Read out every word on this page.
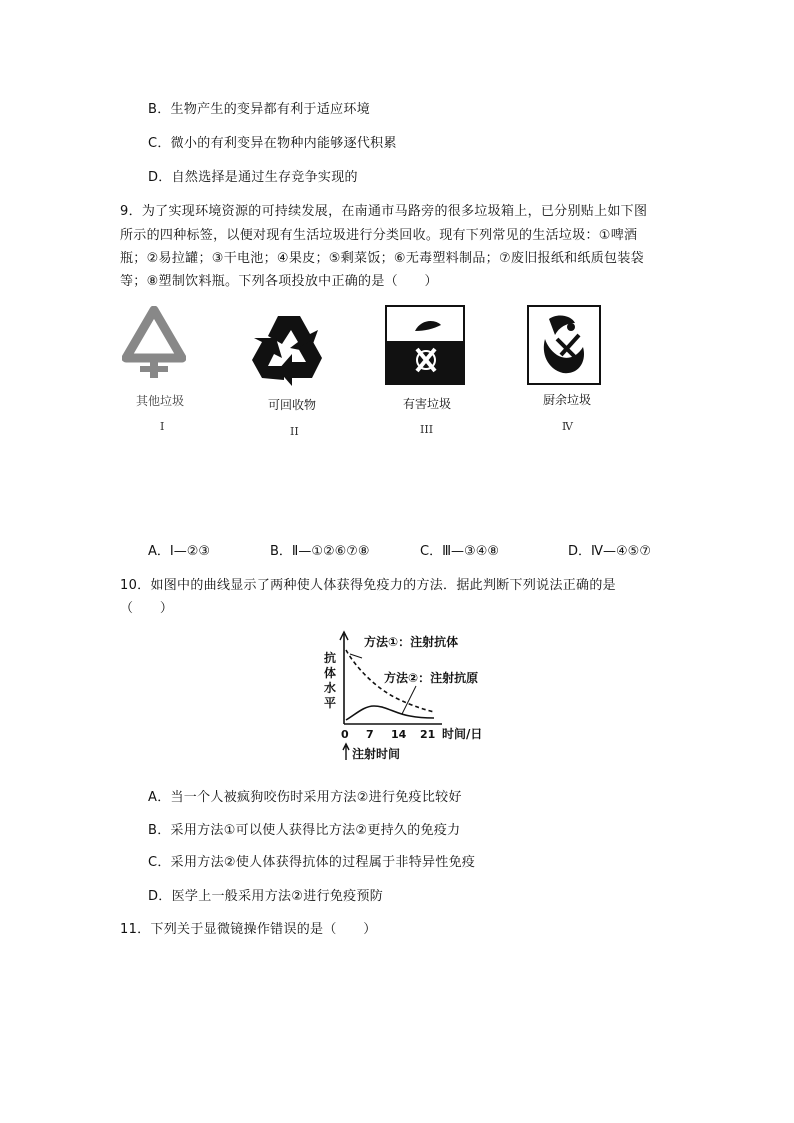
B．生物产生的变异都有利于适应环境
C．微小的有利变异在物种内能够逐代积累
D．自然选择是通过生存竞争实现的
9．为了实现环境资源的可持续发展，在南通市马路旁的很多垃圾箱上，已分别贴上如下图
所示的四种标签，以便对现有生活垃圾进行分类回收。现有下列常见的生活垃圾：①啤酒
瓶；②易拉罐；③干电池；④果皮；⑤剩菜饭；⑥无毒塑料制品；⑦废旧报纸和纸质包装袋
等；⑧塑制饮料瓶。下列各项投放中正确的是（　　）
其他垃圾
I
可回收物
II
有害垃圾
III
厨余垃圾
Ⅳ
A．Ⅰ—②③	B．Ⅱ—①②⑥⑦⑧	C．Ⅲ—③④⑧	D．Ⅳ—④⑤⑦
10．如图中的曲线显示了两种使人体获得免疫力的方法．据此判断下列说法正确的是
（　　）
方法①：注射抗体
方法②：注射抗原
抗
体
水
平
0 7 14 21 时间/日
注射时间
A．当一个人被疯狗咬伤时采用方法②进行免疫比较好
B．采用方法①可以使人获得比方法②更持久的免疫力
C．采用方法②使人体获得抗体的过程属于非特异性免疫
D．医学上一般采用方法②进行免疫预防
11．下列关于显微镜操作错误的是（　　）
